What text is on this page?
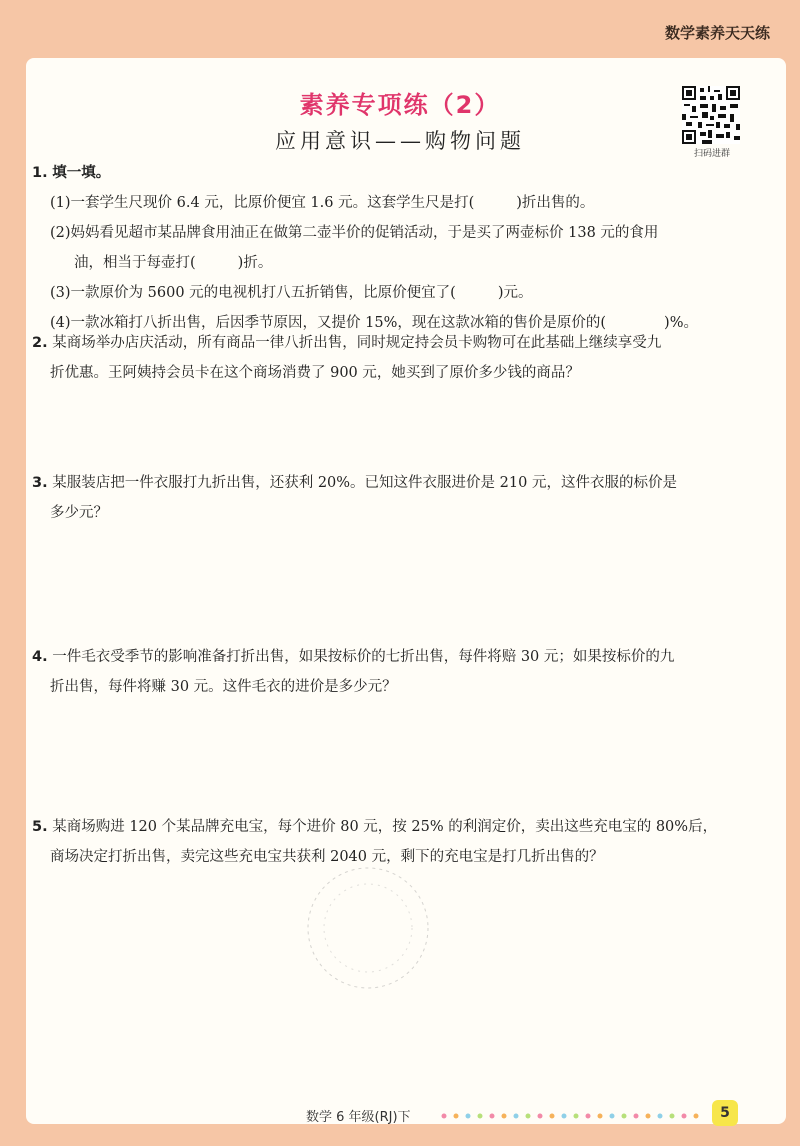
数学素养天天练
素养专项练（2）
应用意识——购物问题
扫码进群
1. 填一填。
(1)一套学生尺现价 6.4 元，比原价便宜 1.6 元。这套学生尺是打(	)折出售的。
(2)妈妈看见超市某品牌食用油正在做第二壶半价的促销活动，于是买了两壶标价 138 元的食用
油，相当于每壶打(	)折。
(3)一款原价为 5600 元的电视机打八五折销售，比原价便宜了(	)元。
(4)一款冰箱打八折出售，后因季节原因，又提价 15%，现在这款冰箱的售价是原价的(	)%。
2. 某商场举办店庆活动，所有商品一律八折出售，同时规定持会员卡购物可在此基础上继续享受九
折优惠。王阿姨持会员卡在这个商场消费了 900 元，她买到了原价多少钱的商品？
3. 某服装店把一件衣服打九折出售，还获利 20%。已知这件衣服进价是 210 元，这件衣服的标价是
多少元？
4. 一件毛衣受季节的影响准备打折出售，如果按标价的七折出售，每件将赔 30 元；如果按标价的九
折出售，每件将赚 30 元。这件毛衣的进价是多少元？
5. 某商场购进 120 个某品牌充电宝，每个进价 80 元，按 25% 的利润定价，卖出这些充电宝的 80%后，
商场决定打折出售，卖完这些充电宝共获利 2040 元，剩下的充电宝是打几折出售的？
数学 6 年级(RJ)下	5
